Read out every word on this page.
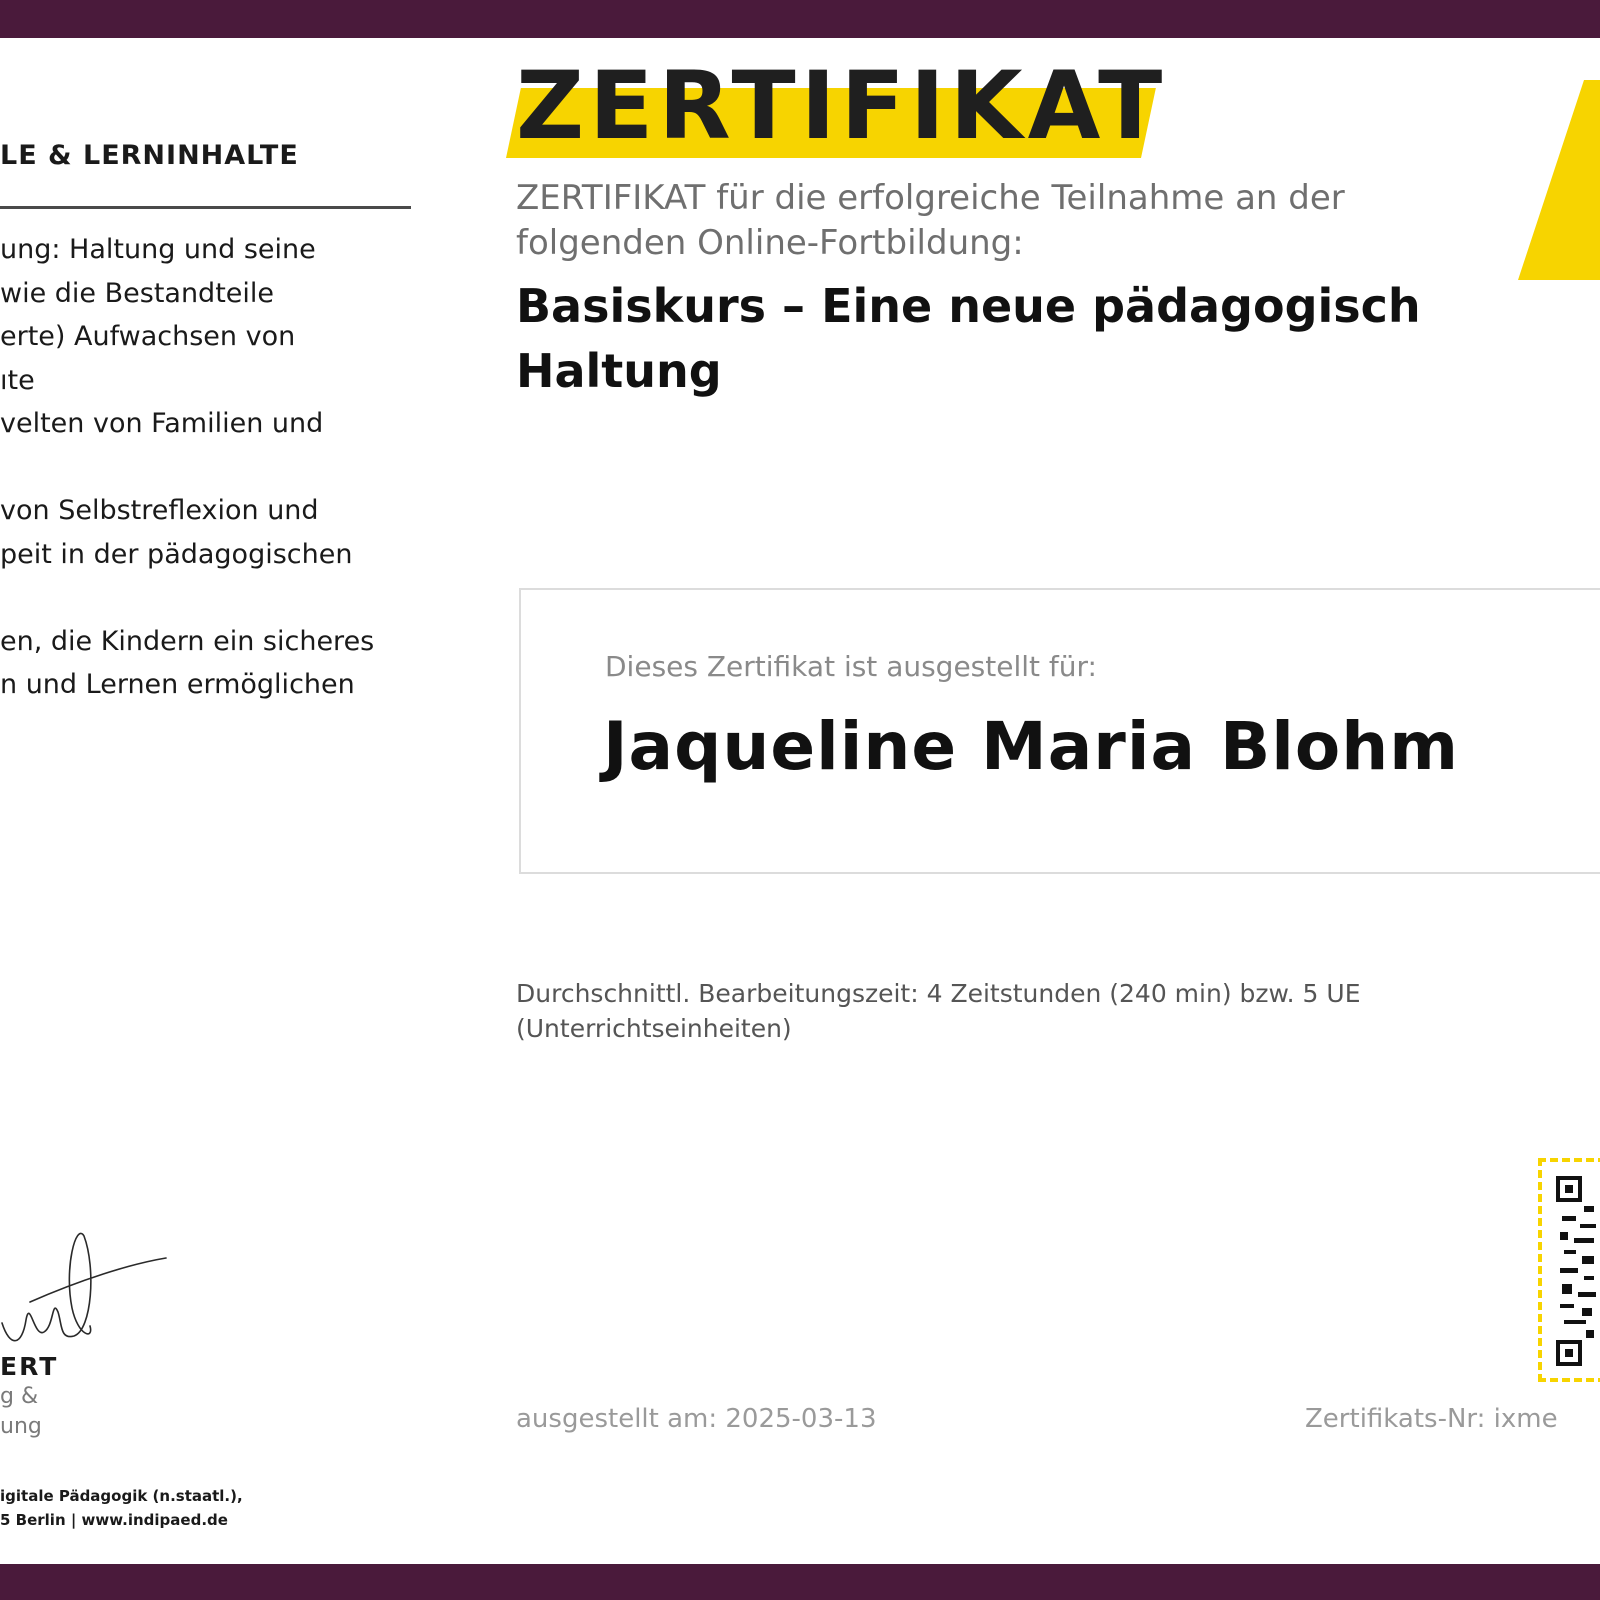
LE & LERNINHALTE
ung: Haltung und seine
wie die Bestandteile
erte) Aufwachsen von
ıte
velten von Familien und
von Selbstreflexion und
peit in der pädagogischen
en, die Kindern ein sicheres
n und Lernen ermöglichen
ERT
g &
ung
igitale Pädagogik (n.staatl.),
5 Berlin | www.indipaed.de
ZERTIFIKAT
ZERTIFIKAT für die erfolgreiche Teilnahme an der
folgenden Online-Fortbildung:
Basiskurs – Eine neue pädagogisch
Haltung
Dieses Zertifikat ist ausgestellt für:
Jaqueline Maria Blohm
Durchschnittl. Bearbeitungszeit: 4 Zeitstunden (240 min) bzw. 5 UE
(Unterrichtseinheiten)
ausgestellt am: 2025-03-13	Zertifikats-Nr: ixme
